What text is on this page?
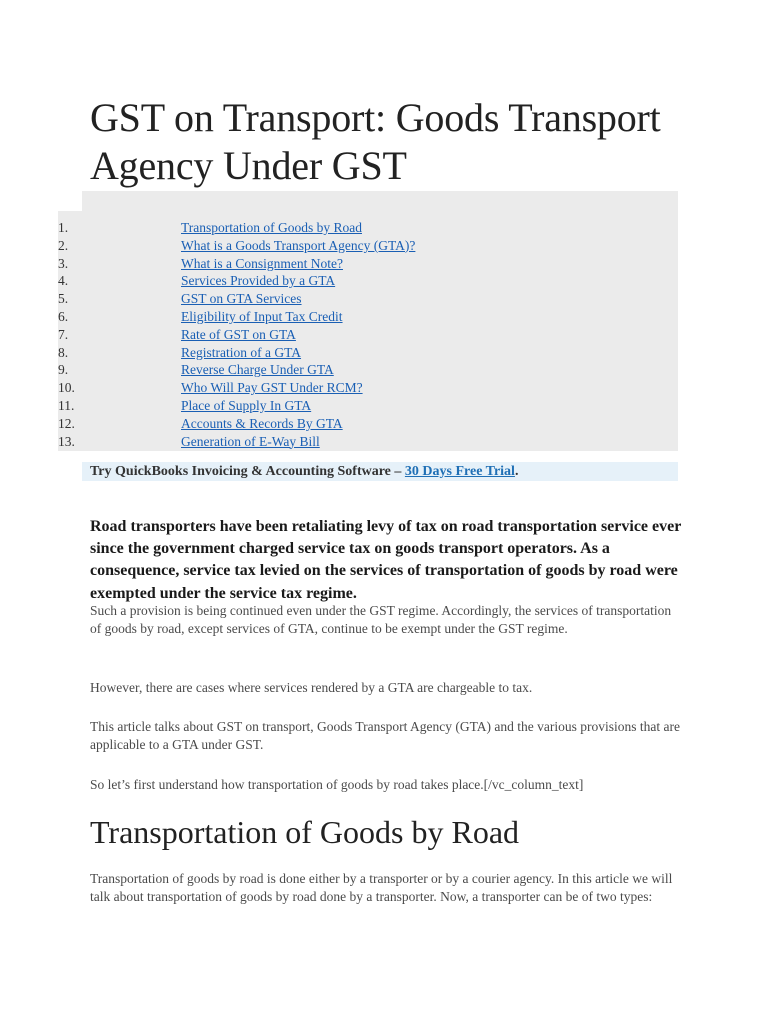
GST on Transport: Goods Transport Agency Under GST
1.	Transportation of Goods by Road
2.	What is a Goods Transport Agency (GTA)?
3.	What is a Consignment Note?
4.	Services Provided by a GTA
5.	GST on GTA Services
6.	Eligibility of Input Tax Credit
7.	Rate of GST on GTA
8.	Registration of a GTA
9.	Reverse Charge Under GTA
10.	Who Will Pay GST Under RCM?
11.	Place of Supply In GTA
12.	Accounts & Records By GTA
13.	Generation of E-Way Bill
Try QuickBooks Invoicing & Accounting Software – 30 Days Free Trial.

Road transporters have been retaliating levy of tax on road transportation service ever since the government charged service tax on goods transport operators. As a consequence, service tax levied on the services of transportation of goods by road were exempted under the service tax regime.

Such a provision is being continued even under the GST regime. Accordingly, the services of transportation of goods by road, except services of GTA, continue to be exempt under the GST regime.

However, there are cases where services rendered by a GTA are chargeable to tax.

This article talks about GST on transport, Goods Transport Agency (GTA) and the various provisions that are applicable to a GTA under GST.

So let’s first understand how transportation of goods by road takes place.[/vc_column_text]

Transportation of Goods by Road

Transportation of goods by road is done either by a transporter or by a courier agency. In this article we will talk about transportation of goods by road done by a transporter. Now, a transporter can be of two types:
